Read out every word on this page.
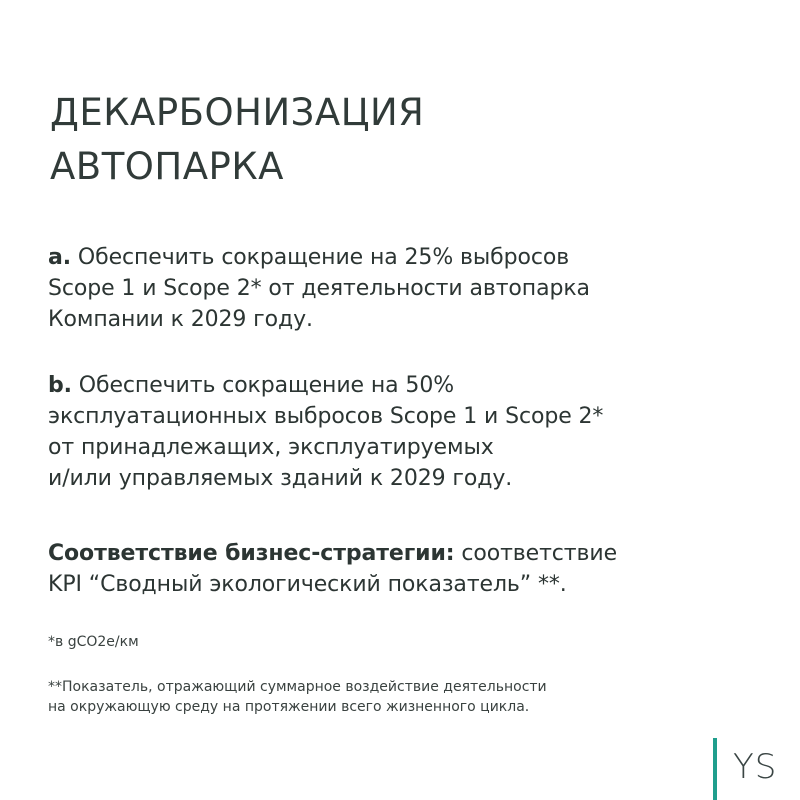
ДЕКАРБОНИЗАЦИЯ
АВТОПАРКА

a. Обеспечить сокращение на 25% выбросов
Scope 1 и Scope 2* от деятельности автопарка
Компании к 2029 году.

b. Обеспечить сокращение на 50%
эксплуатационных выбросов Scope 1 и Scope 2*
от принадлежащих, эксплуатируемых
и/или управляемых зданий к 2029 году.

Соответствие бизнес-стратегии: соответствие
KPI “Сводный экологический показатель” **.

*в gCO2e/км

**Показатель, отражающий суммарное воздействие деятельности
на окружающую среду на протяжении всего жизненного цикла.

YS
